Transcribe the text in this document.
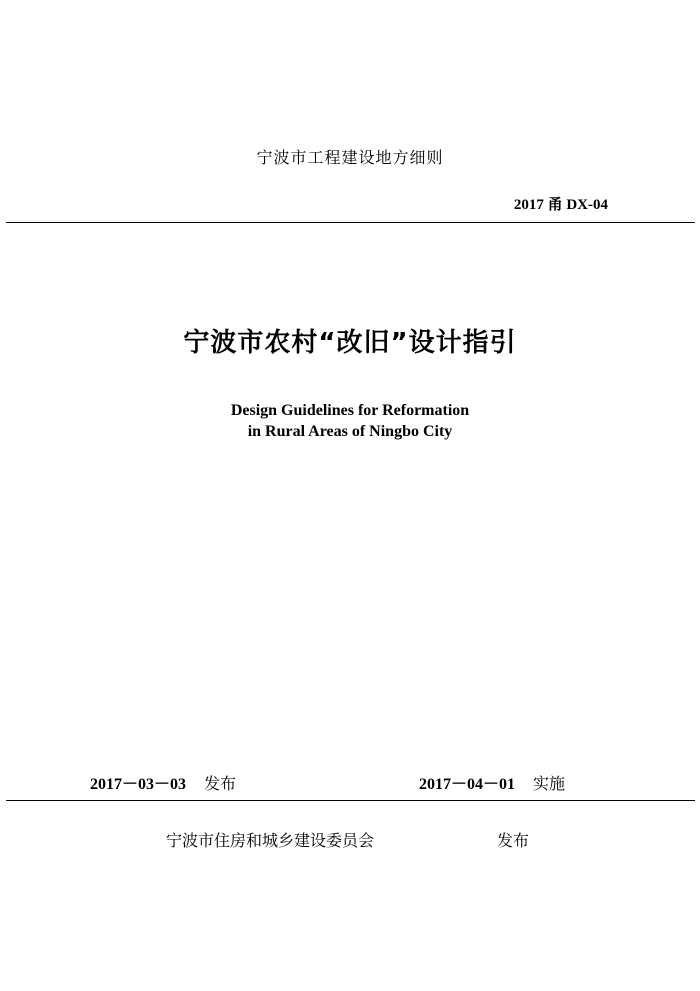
宁波市工程建设地方细则
2017 甬 DX-04
宁波市农村“改旧”设计指引
Design Guidelines for Reformation
in Rural Areas of Ningbo City
2017－03－03 发布	2017－04－01 实施
宁波市住房和城乡建设委员会	发布
